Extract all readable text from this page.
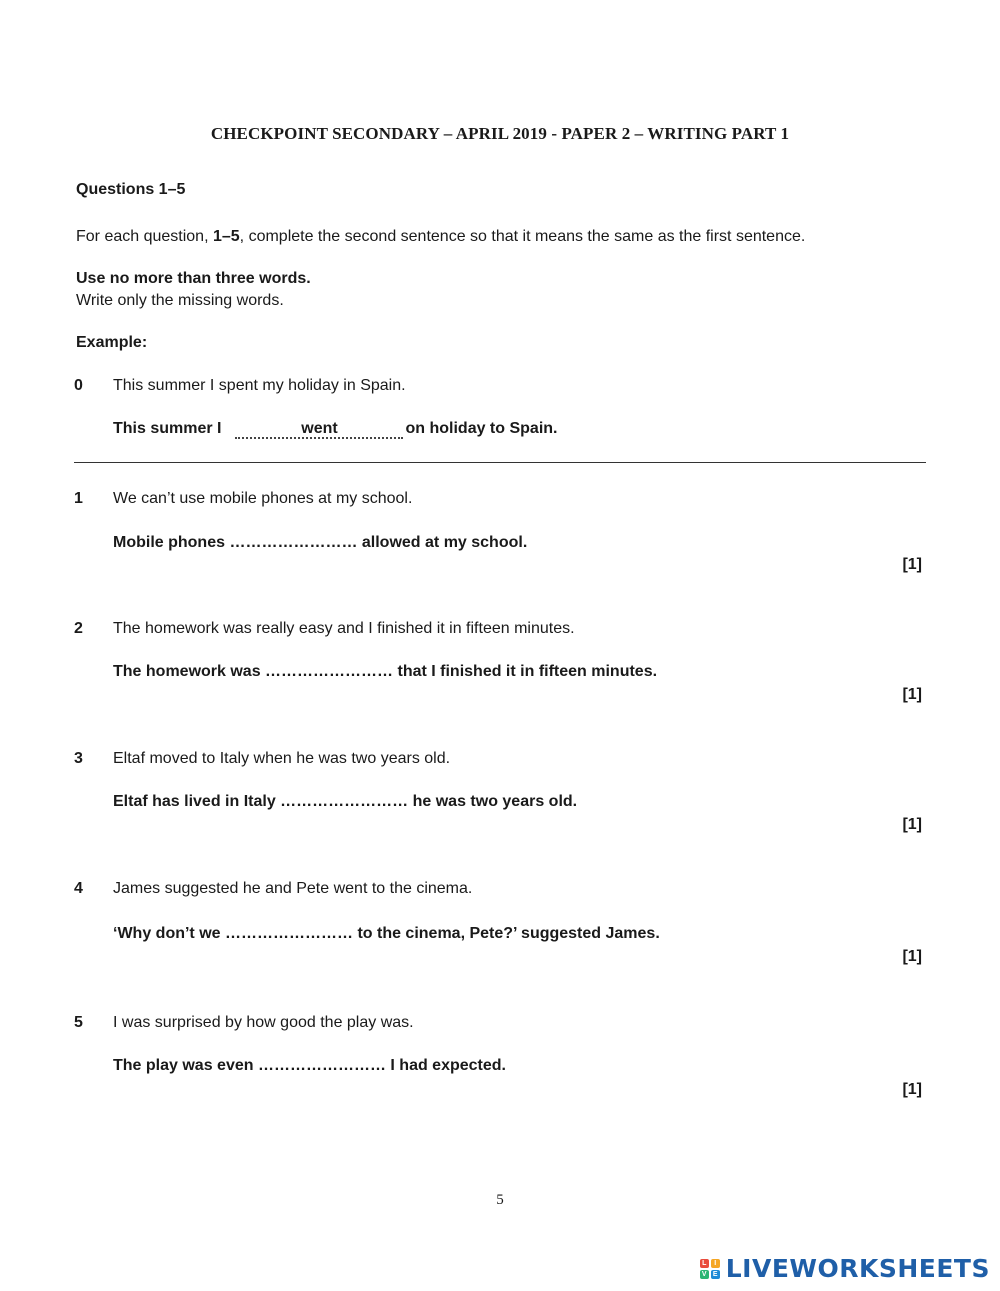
CHECKPOINT SECONDARY – APRIL 2019 - PAPER 2 – WRITING PART 1
Questions 1–5
For each question, 1–5, complete the second sentence so that it means the same as the first sentence.
Use no more than three words.
Write only the missing words.
Example:
0 This summer I spent my holiday in Spain.
This summer I	went	on holiday to Spain.
1 We can’t use mobile phones at my school.
Mobile phones …………………… allowed at my school.
[1]
2 The homework was really easy and I finished it in fifteen minutes.
The homework was …………………… that I finished it in fifteen minutes.
[1]
3 Eltaf moved to Italy when he was two years old.
Eltaf has lived in Italy …………………… he was two years old.
[1]
4 James suggested he and Pete went to the cinema.
‘Why don’t we …………………… to the cinema, Pete?’ suggested James.
[1]
5 I was surprised by how good the play was.
The play was even …………………… I had expected.
[1]
5
L	I
V E LIVEWORKSHEETS
